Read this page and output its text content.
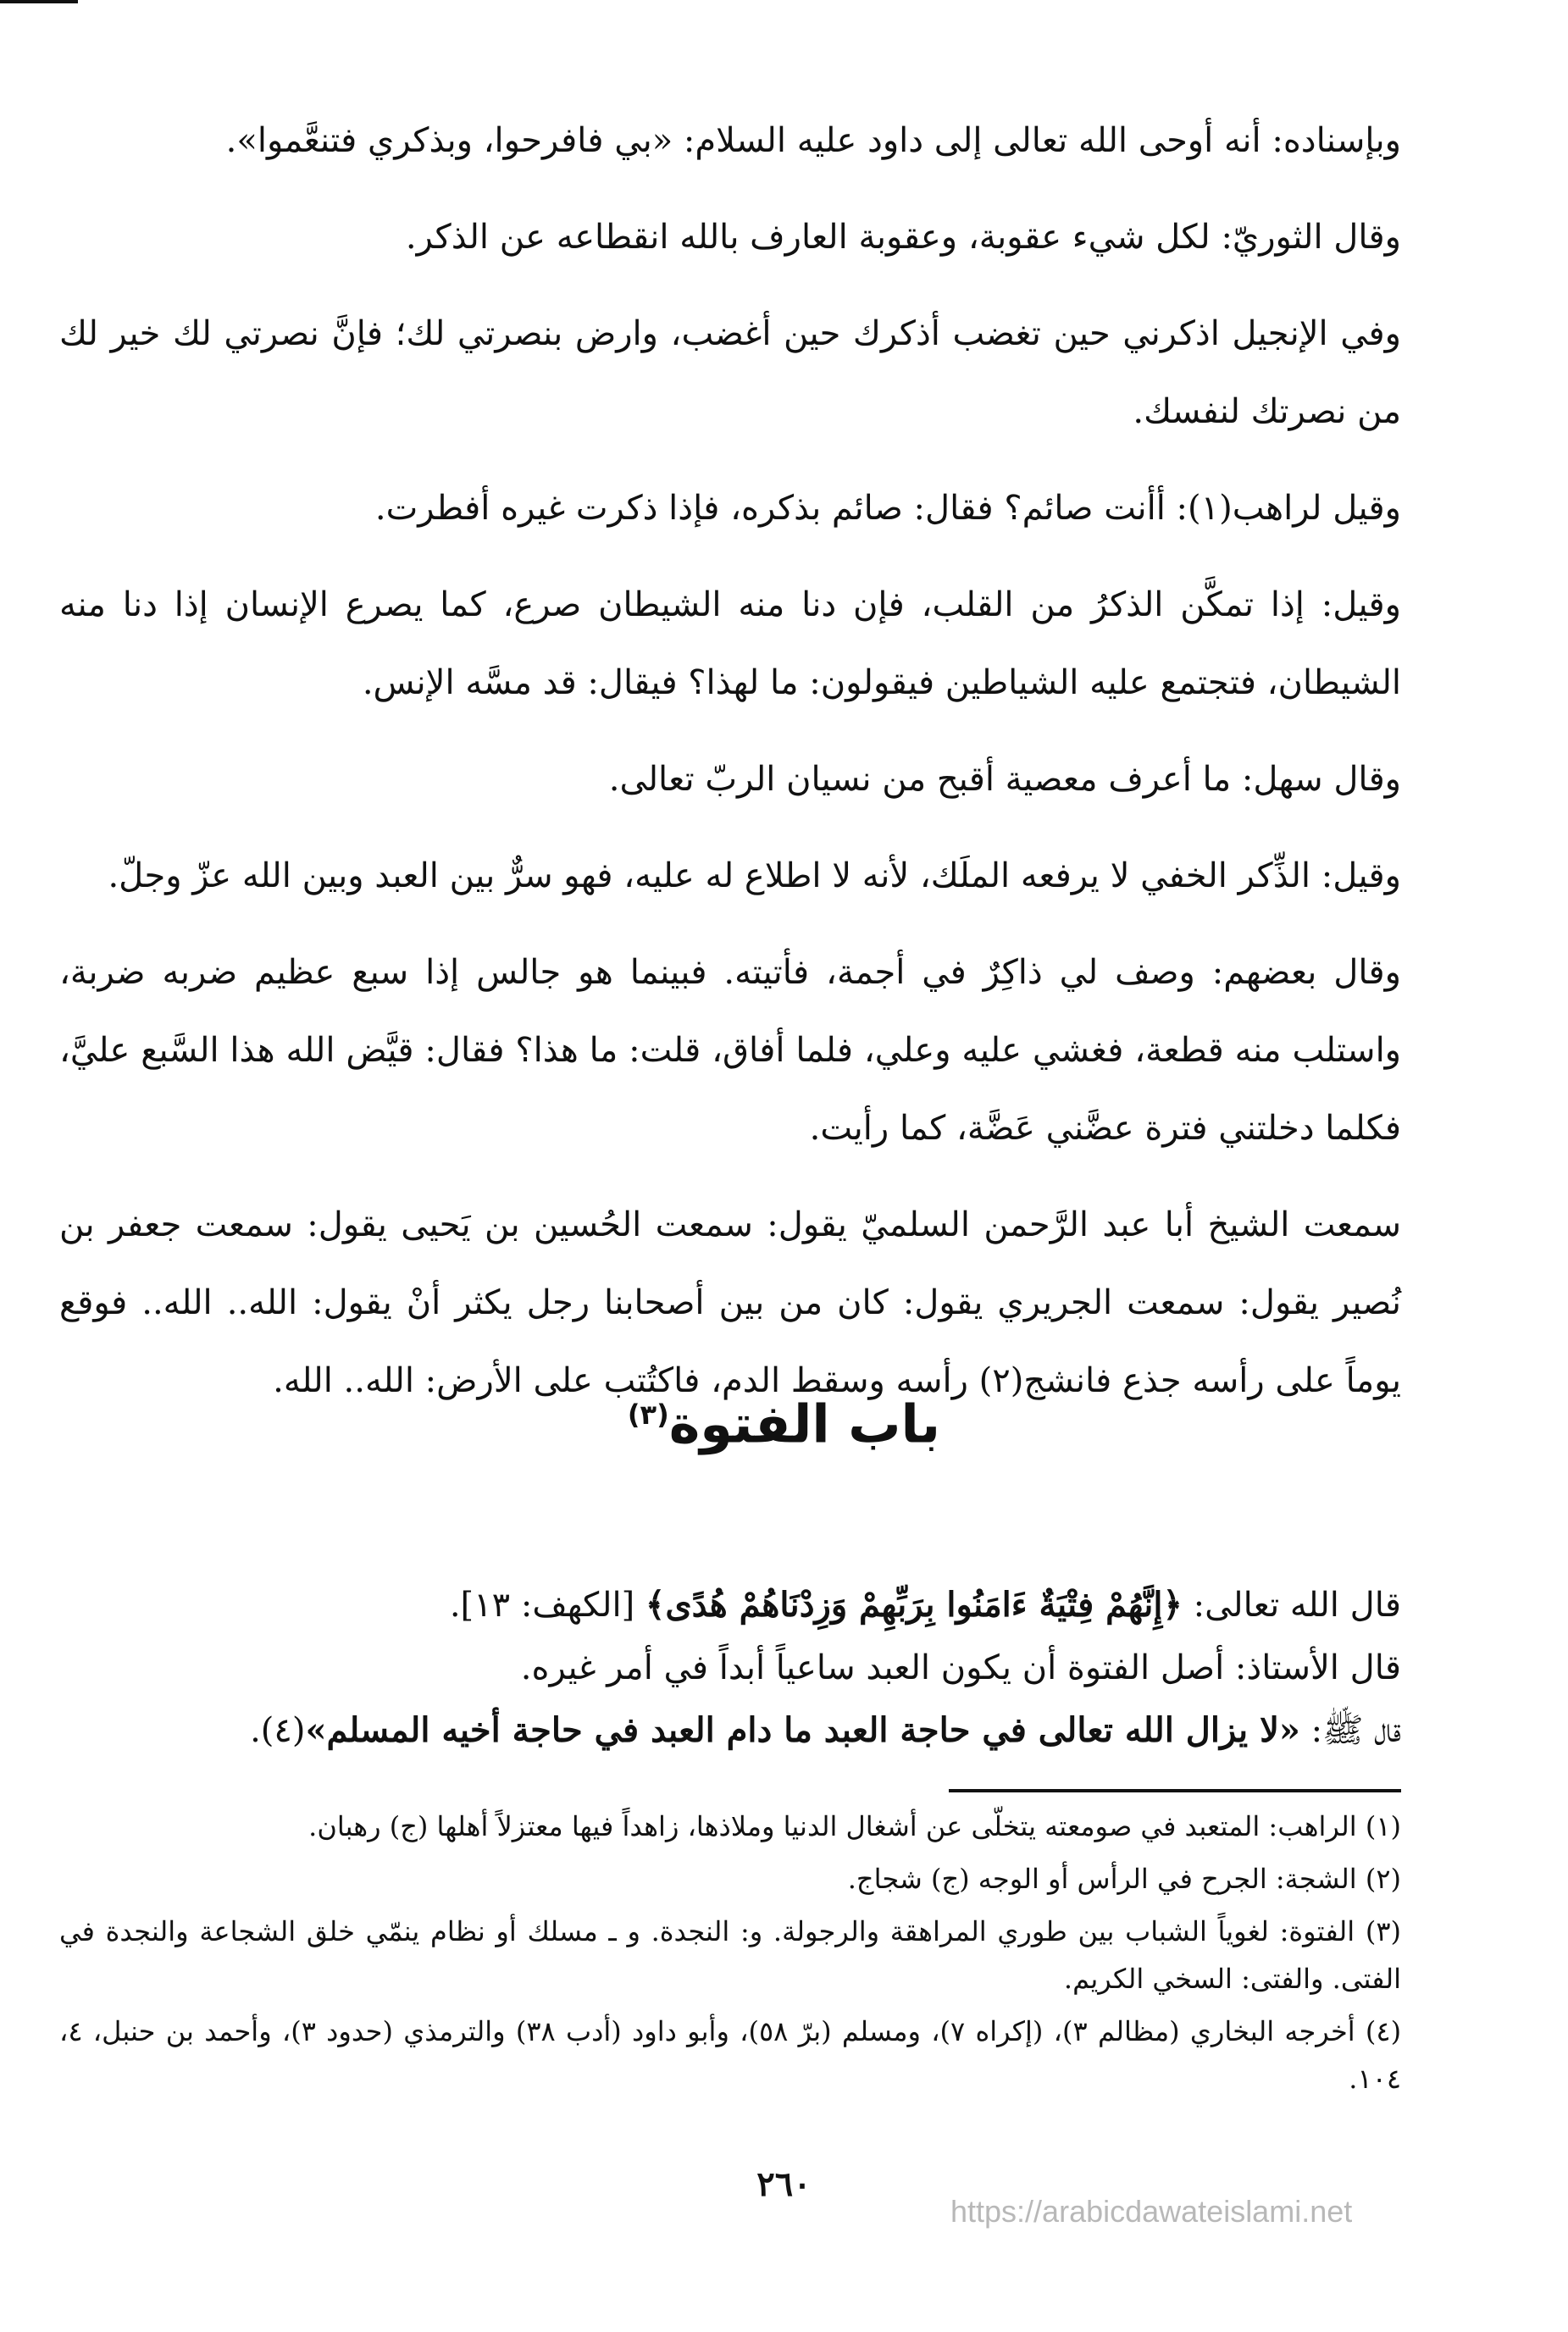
وبإسناده: أنه أوحى الله تعالى إلى داود عليه السلام: «بي فافرحوا، وبذكري فتنعَّموا».

وقال الثوريّ: لكل شيء عقوبة، وعقوبة العارف بالله انقطاعه عن الذكر.

وفي الإنجيل اذكرني حين تغضب أذكرك حين أغضب، وارض بنصرتي لك؛ فإنَّ نصرتي لك خير لك من نصرتك لنفسك.

وقيل لراهب(١): أأنت صائم؟ فقال: صائم بذكره، فإذا ذكرت غيره أفطرت.

وقيل: إذا تمكَّن الذكرُ من القلب، فإن دنا منه الشيطان صرع، كما يصرع الإنسان إذا دنا منه الشيطان، فتجتمع عليه الشياطين فيقولون: ما لهذا؟ فيقال: قد مسَّه الإنس.

وقال سهل: ما أعرف معصية أقبح من نسيان الربّ تعالى.

وقيل: الذِّكر الخفي لا يرفعه الملَك، لأنه لا اطلاع له عليه، فهو سرٌّ بين العبد وبين الله عزّ وجلّ.

وقال بعضهم: وصف لي ذاكِرٌ في أجمة، فأتيته. فبينما هو جالس إذا سبع عظيم ضربه ضربة، واستلب منه قطعة، فغشي عليه وعلي، فلما أفاق، قلت: ما هذا؟ فقال: قيَّض الله هذا السَّبع عليَّ، فكلما دخلتني فترة عضَّني عَضَّة، كما رأيت.

سمعت الشيخ أبا عبد الرَّحمن السلميّ يقول: سمعت الحُسين بن يَحيى يقول: سمعت جعفر بن نُصير يقول: سمعت الجريري يقول: كان من بين أصحابنا رجل يكثر أنْ يقول: الله.. الله.. فوقع يوماً على رأسه جذع فانشج(٢) رأسه وسقط الدم، فاكتُتب على الأرض: الله.. الله.

باب الفتوة$^{(٣)}$

قال الله تعالى: ﴿إِنَّهُمْ فِتْيَةٌ ءَامَنُوا بِرَبِّهِمْ وَزِدْنَاهُمْ هُدًى﴾ [الكهف: ١٣].

قال الأستاذ: أصل الفتوة أن يكون العبد ساعياً أبداً في أمر غيره.

قال ﷺ: «لا يزال الله تعالى في حاجة العبد ما دام العبد في حاجة أخيه المسلم»(٤).

(١) الراهب: المتعبد في صومعته يتخلّى عن أشغال الدنيا وملاذها، زاهداً فيها معتزلاً أهلها (ج) رهبان.

(٢) الشجة: الجرح في الرأس أو الوجه (ج) شجاج.

(٣) الفتوة: لغوياً الشباب بين طوري المراهقة والرجولة. و: النجدة. و ـ مسلك أو نظام ينمّي خلق الشجاعة والنجدة في الفتى. والفتى: السخي الكريم.

(٤) أخرجه البخاري (مظالم ٣)، (إكراه ٧)، ومسلم (برّ ٥٨)، وأبو داود (أدب ٣٨) والترمذي (حدود ٣)، وأحمد بن حنبل، ٤، ١٠٤.

٢٦٠
https://arabicdawateislami.net
